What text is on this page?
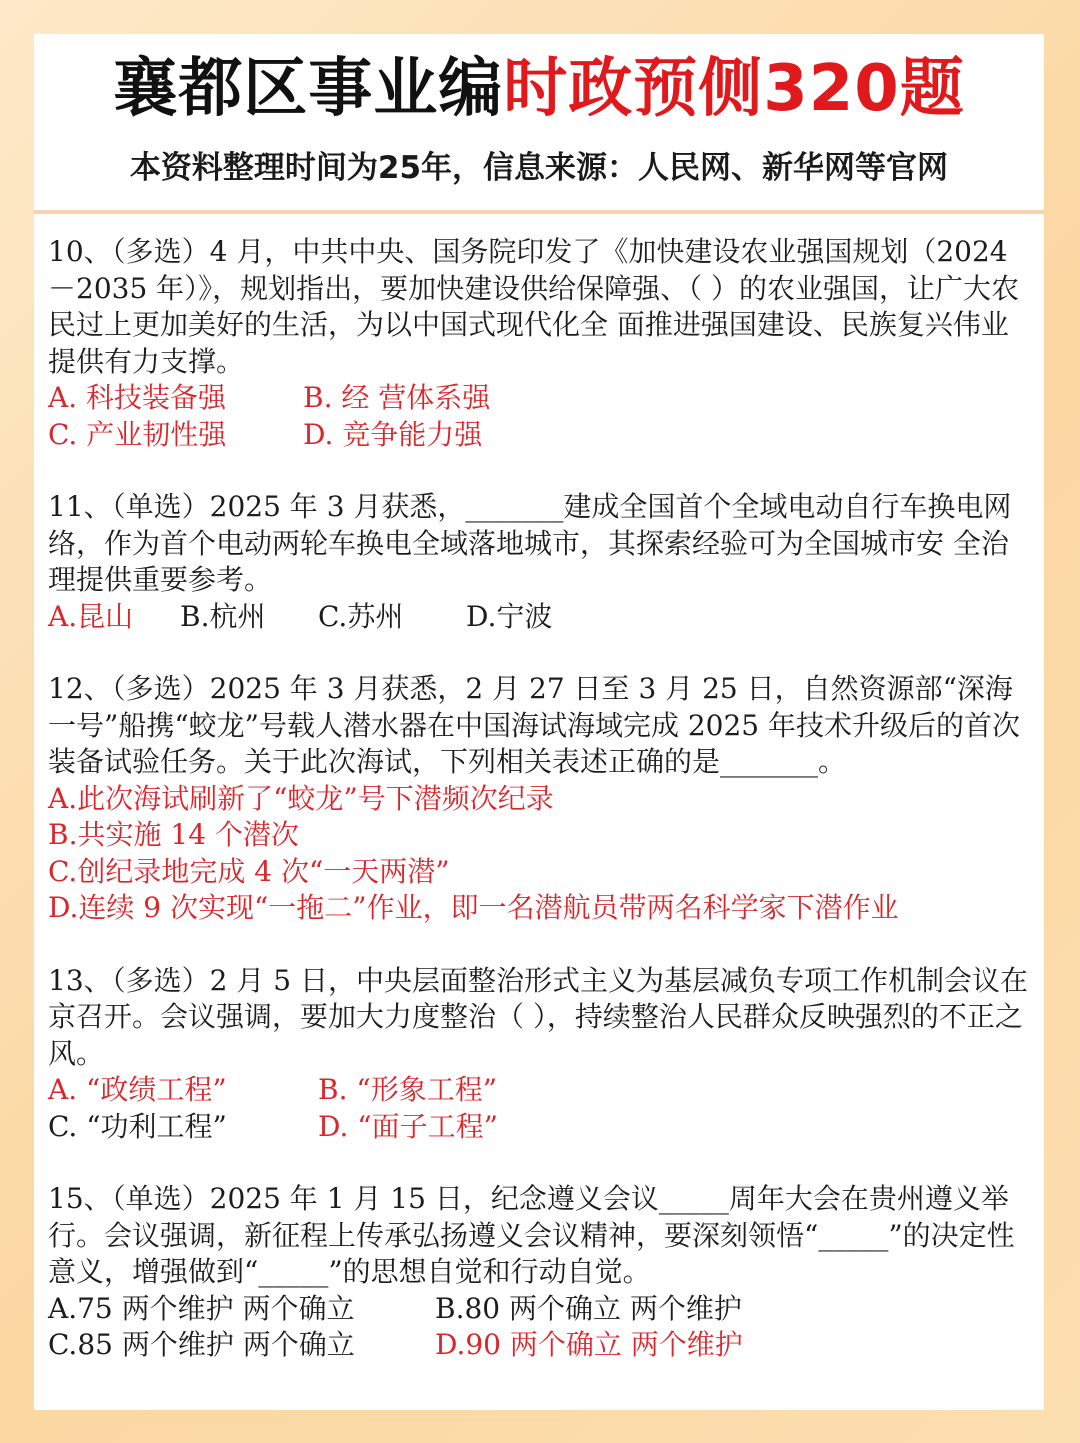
襄都区事业编时政预侧320题
本资料整理时间为25年，信息来源：人民网、新华网等官网
10、（多选）4 月，中共中央、国务院印发了《加快建设农业强国规划（2024－2035 年）》，规划指出，要加快建设供给保障强、（ ）的农业强国，让广大农民过上更加美好的生活，为以中国式现代化全 面推进强国建设、民族复兴伟业提供有力支撑。
A. 科技装备强	B. 经 营体系强
C. 产业韧性强	D. 竞争能力强
11、（单选）2025 年 3 月获悉，_______建成全国首个全域电动自行车换电网络，作为首个电动两轮车换电全域落地城市，其探索经验可为全国城市安 全治理提供重要参考。
A.昆山 B.杭州 C.苏州 D.宁波
12、（多选）2025 年 3 月获悉，2 月 27 日至 3 月 25 日，自然资源部“深海一号”船携“蛟龙”号载人潜水器在中国海试海域完成 2025 年技术升级后的首次装备试验任务。关于此次海试，下列相关表述正确的是_______。
A.此次海试刷新了“蛟龙”号下潜频次纪录
B.共实施 14 个潜次
C.创纪录地完成 4 次“一天两潜”
D.连续 9 次实现“一拖二”作业，即一名潜航员带两名科学家下潜作业
13、（多选）2 月 5 日，中央层面整治形式主义为基层减负专项工作机制会议在京召开。会议强调，要加大力度整治（ ），持续整治人民群众反映强烈的不正之风。
A. “政绩工程”	B. “形象工程”
C. “功利工程”	D. “面子工程”
15、（单选）2025 年 1 月 15 日，纪念遵义会议_____周年大会在贵州遵义举行。会议强调，新征程上传承弘扬遵义会议精神，要深刻领悟“_____”的决定性意义，增强做到“_____”的思想自觉和行动自觉。
A.75 两个维护 两个确立	B.80 两个确立 两个维护
C.85 两个维护 两个确立	D.90 两个确立 两个维护
